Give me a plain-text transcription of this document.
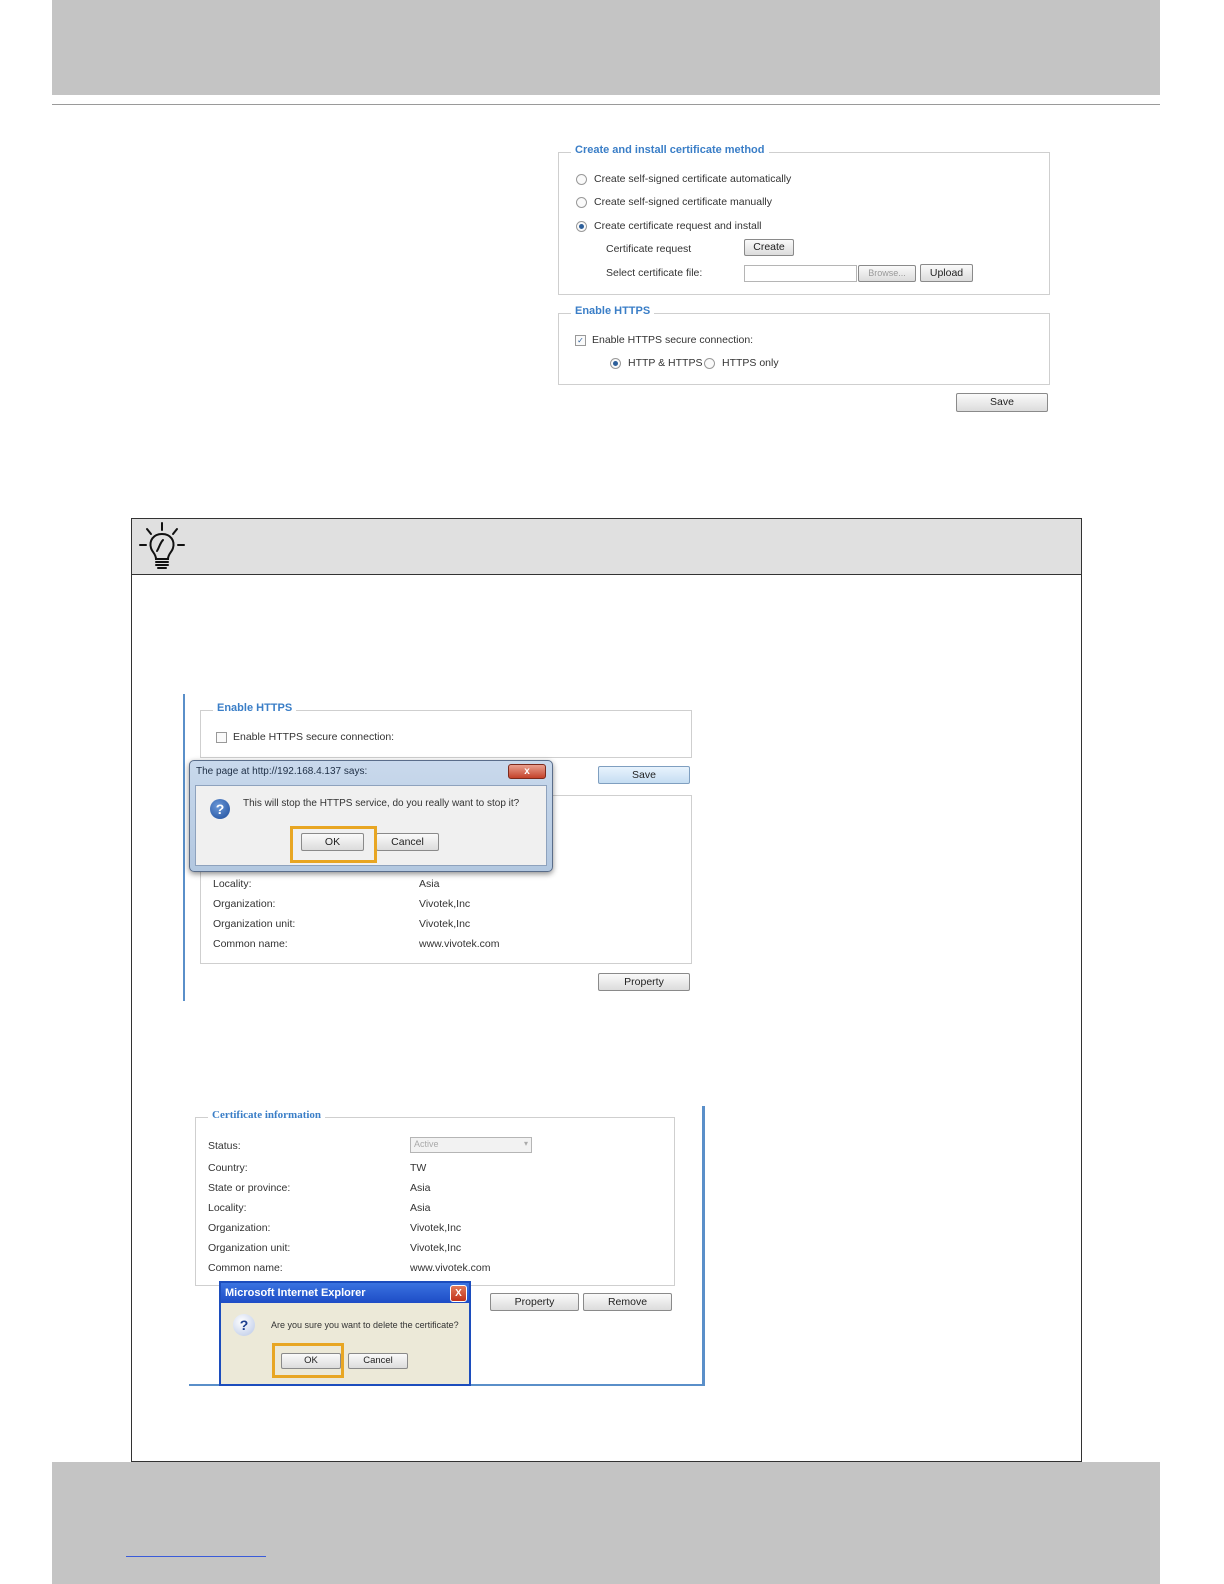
Create and install certificate method
Create self-signed certificate automatically
Create self-signed certificate manually
Create certificate request and install
Certificate request	Create
Select certificate file:	Browse...	Upload
Enable HTTPS
✓ Enable HTTPS secure connection:
HTTP & HTTPS HTTPS only
Save
Enable HTTPS
Enable HTTPS secure connection:
Save
Locality:	Asia
Organization:	Vivotek,Inc
Organization unit:	Vivotek,Inc
Common name:	www.vivotek.com
Property
The page at http://192.168.4.137 says:	x
?	This will stop the HTTPS service, do you really want to stop it?
OK	Cancel
Certificate information
Status:	Active	▾
Country:	TW
State or province:	Asia
Locality:	Asia
Organization:	Vivotek,Inc
Organization unit:	Vivotek,Inc
Common name:	www.vivotek.com
Property	Remove
Microsoft Internet Explorer	X
?	Are you sure you want to delete the certificate?
OK	Cancel
